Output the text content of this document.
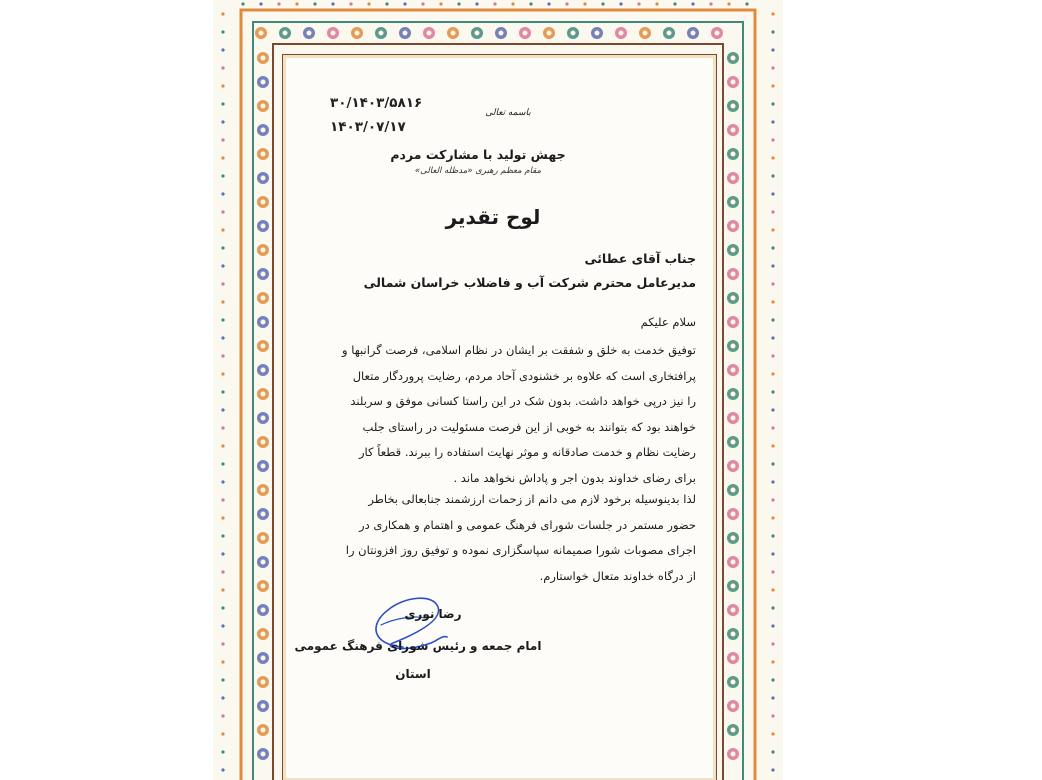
۳۰/۱۴۰۳/۵۸۱۶
۱۴۰۳/۰۷/۱۷
باسمه تعالی
جهش تولید با مشارکت مردم
مقام معظم رهبری «مدظله العالی»
لوح تقدیر
جناب آقای عطائی
مدیرعامل محترم شرکت آب و فاضلاب خراسان شمالی
سلام علیکم
توفیق خدمت به خلق و شفقت بر ایشان در نظام اسلامی، فرصت گرانبها و
پرافتخاری است که علاوه بر خشنودی آحاد مردم، رضایت پروردگار متعال
را نیز درپی خواهد داشت. بدون شک در این راستا کسانی موفق و سربلند
خواهند بود که بتوانند به خوبی از این فرصت مسئولیت در راستای جلب
رضایت نظام و خدمت صادقانه و موثر نهایت استفاده را ببرند. قطعاً کار
برای رضای خداوند بدون اجر و پاداش نخواهد ماند .
لذا بدینوسیله برخود لازم می دانم از زحمات ارزشمند جنابعالی بخاطر
حضور مستمر در جلسات شورای فرهنگ عمومی و اهتمام و همکاری در
اجرای مصوبات شورا صمیمانه سپاسگزاری نموده و توفیق روز افزونتان را
از درگاه خداوند متعال خواستارم.
رضا نوری
امام جمعه و رئیس شورای فرهنگ عمومی
استان
